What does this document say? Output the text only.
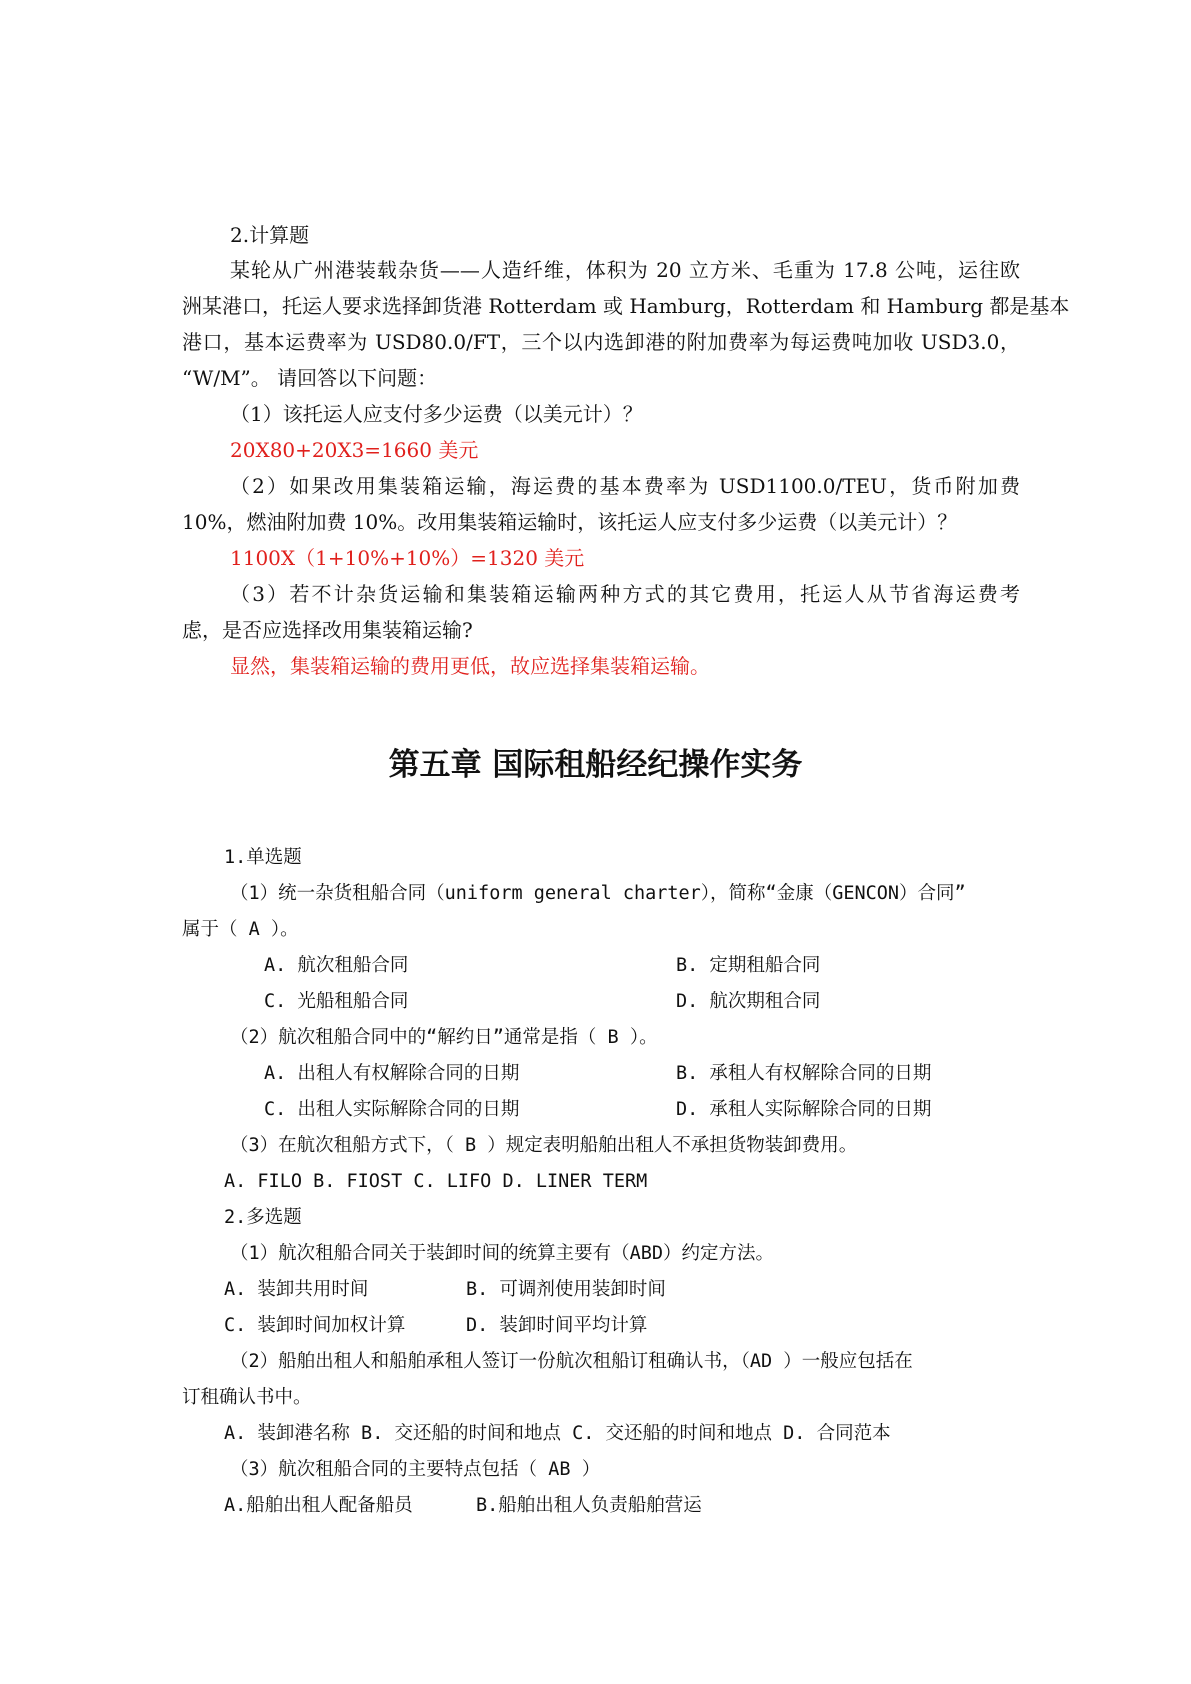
2.计算题
某轮从广州港装载杂货——人造纤维，体积为 20 立方米、毛重为 17.8 公吨，运往欧
洲某港口，托运人要求选择卸货港 Rotterdam 或 Hamburg，Rotterdam 和 Hamburg 都是基本
港口，基本运费率为 USD80.0/FT，三个以内选卸港的附加费率为每运费吨加收 USD3.0，
“W/M”。 请回答以下问题：
（1）该托运人应支付多少运费（以美元计）？
20X80+20X3=1660 美元
（2）如果改用集装箱运输，海运费的基本费率为 USD1100.0/TEU，货币附加费
10%，燃油附加费 10%。改用集装箱运输时，该托运人应支付多少运费（以美元计）？
1100X（1+10%+10%）=1320 美元
（3）若不计杂货运输和集装箱运输两种方式的其它费用，托运人从节省海运费考
虑，是否应选择改用集装箱运输?
显然，集装箱运输的费用更低，故应选择集装箱运输。
第五章 国际租船经纪操作实务
1.单选题
（1）统一杂货租船合同（uniform general charter），简称“金康（GENCON）合同”
属于（ A ）。
A. 航次租船合同	B. 定期租船合同
C. 光船租船合同	D. 航次期租合同
（2）航次租船合同中的“解约日”通常是指（ B ）。
A. 出租人有权解除合同的日期	B. 承租人有权解除合同的日期
C. 出租人实际解除合同的日期	D. 承租人实际解除合同的日期
（3）在航次租船方式下，（ B ）规定表明船舶出租人不承担货物装卸费用。
A. FILO B. FIOST C. LIFO D. LINER TERM
2.多选题
（1）航次租船合同关于装卸时间的统算主要有（ABD）约定方法。
A. 装卸共用时间	B. 可调剂使用装卸时间
C. 装卸时间加权计算	D. 装卸时间平均计算
（2）船舶出租人和船舶承租人签订一份航次租船订租确认书，（AD ）一般应包括在
订租确认书中。
A. 装卸港名称 B. 交还船的时间和地点 C. 交还船的时间和地点 D. 合同范本
（3）航次租船合同的主要特点包括（ AB ）
A.船舶出租人配备船员	B.船舶出租人负责船舶营运
